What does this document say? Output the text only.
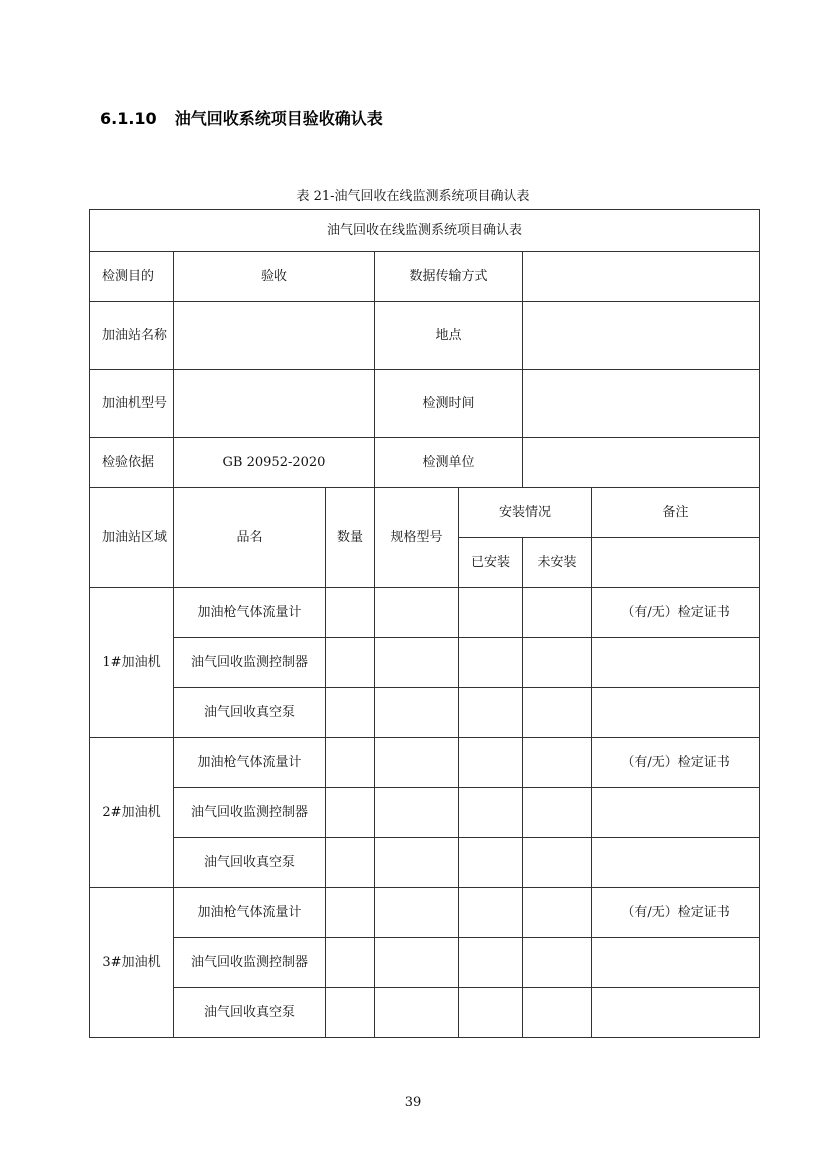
6.1.10 油气回收系统项目验收确认表
表 21-油气回收在线监测系统项目确认表
油气回收在线监测系统项目确认表						
检测目的	验收		数据传输方式			
加油站名称			地点			
加油机型号			检测时间			
检验依据	GB 20952-2020		检测单位			
加油站区域	品名	数量	规格型号	安装情况		备注
				已安装	未安装	
1#加油机	加油枪气体流量计					（有/无）检定证书
	油气回收监测控制器					
	油气回收真空泵					
2#加油机	加油枪气体流量计					（有/无）检定证书
	油气回收监测控制器					
	油气回收真空泵					
3#加油机	加油枪气体流量计					（有/无）检定证书
	油气回收监测控制器					
	油气回收真空泵					
39
